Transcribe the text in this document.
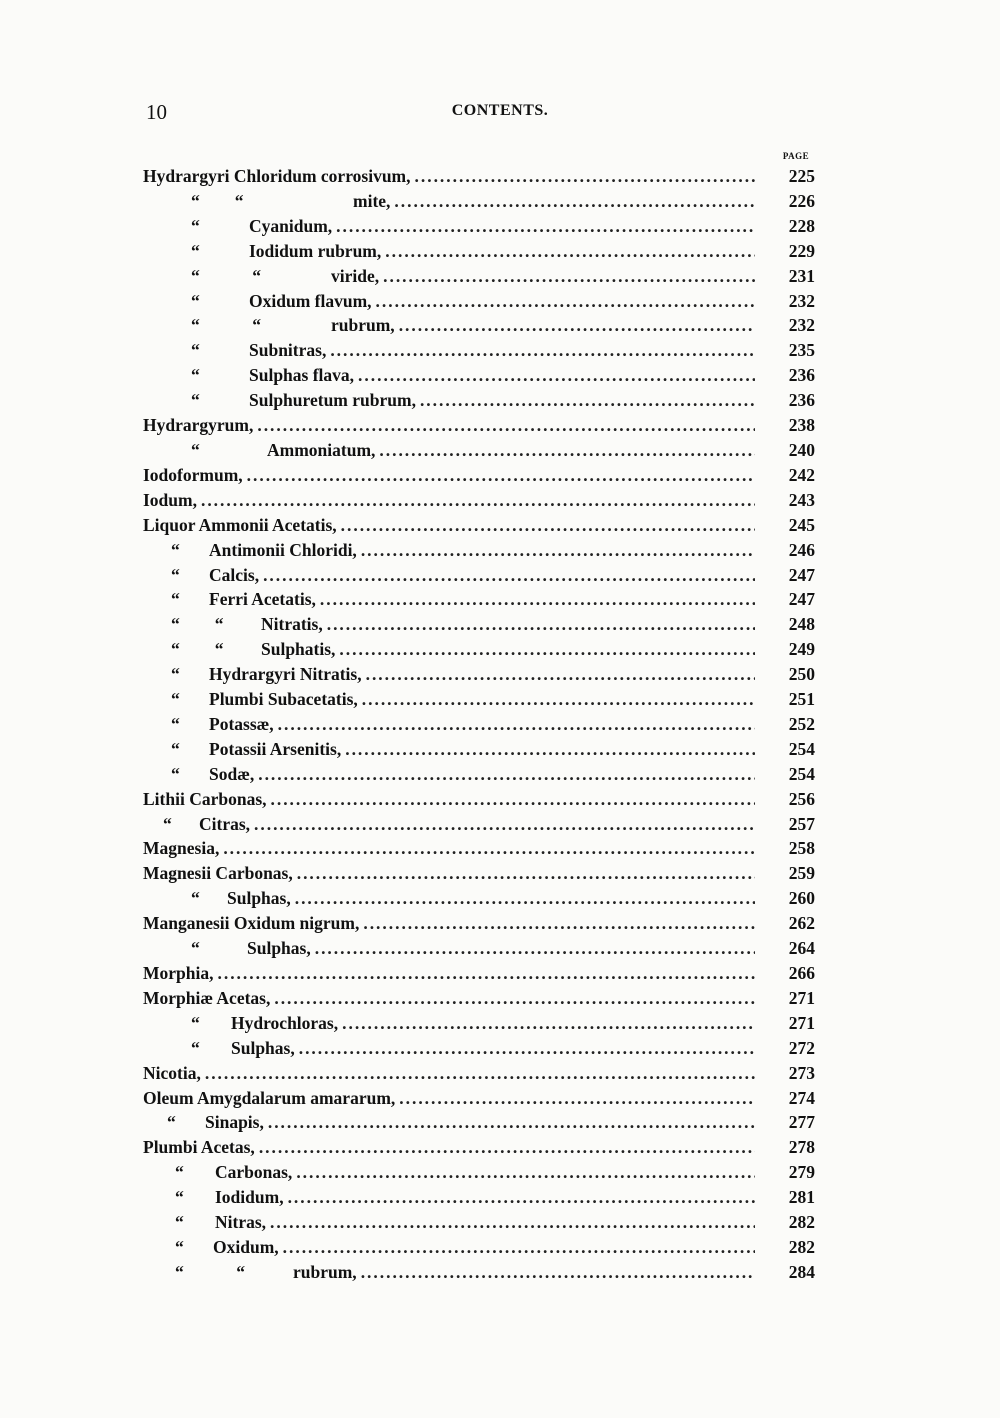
10	CONTENTS.
PAGE
Hydrargyri Chloridum corrosivum, . . .	225
“        “	mite, . . .	226
“	Cyanidum, . . .	228
“	Iodidum rubrum, . . .	229
“            “	viride, . . .	231
“	Oxidum flavum, . . .	232
“            “	rubrum, . . .	232
“	Subnitras, . . .	235
“	Sulphas flava, . . .	236
“	Sulphuretum rubrum, . . .	236
Hydrargyrum, . . .	238
“	Ammoniatum, . . .	240
Iodoformum, . . .	242
Iodum, . . .	243
Liquor Ammonii Acetatis, . . .	245
“	Antimonii Chloridi, . . .	246
“	Calcis, . . .	247
“	Ferri Acetatis, . . .	247
“        “	Nitratis, . . .	248
“        “	Sulphatis, . . .	249
“	Hydrargyri Nitratis, . . .	250
“	Plumbi Subacetatis, . . .	251
“	Potassæ, . . .	252
“	Potassii Arsenitis, . . .	254
“	Sodæ, . . .	254
Lithii Carbonas, . . .	256
“	Citras, . . .	257
Magnesia, . . .	258
Magnesii Carbonas, . . .	259
“	Sulphas, . . .	260
Manganesii Oxidum nigrum, . . .	262
“	Sulphas, . . .	264
Morphia, . . .	266
Morphiæ Acetas, . . .	271
“	Hydrochloras, . . .	271
“	Sulphas, . . .	272
Nicotia, . . .	273
Oleum Amygdalarum amararum, . . .	274
“	Sinapis, . . .	277
Plumbi Acetas, . . .	278
“	Carbonas, . . .	279
“	Iodidum, . . .	281
“	Nitras, . . .	282
“	Oxidum, . . .	282
“            “	rubrum, . . .	284
